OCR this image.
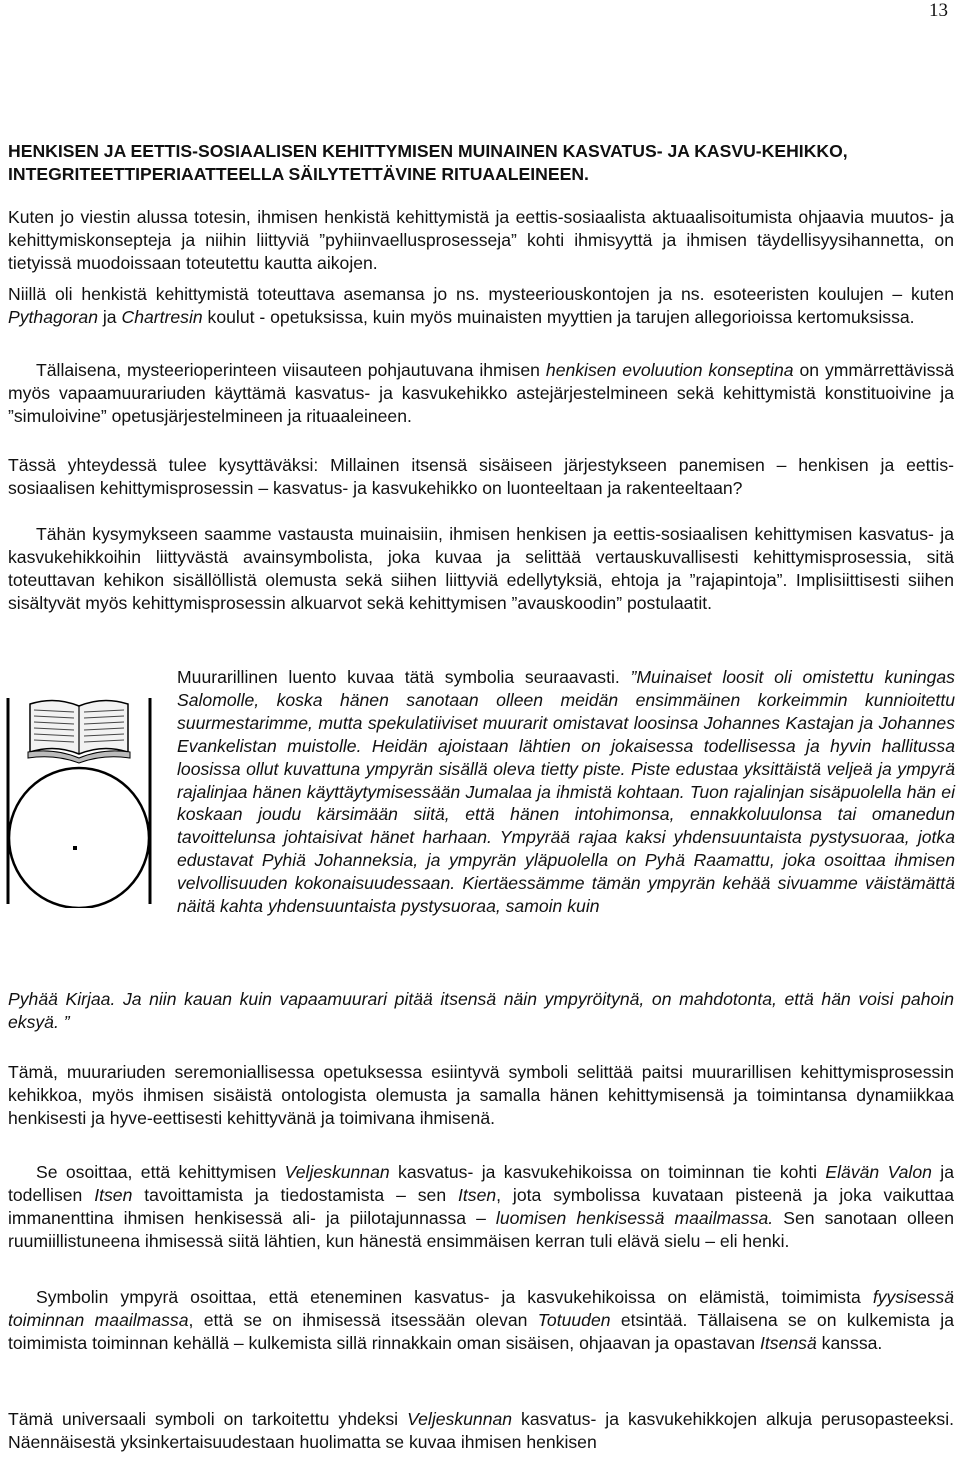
13
HENKISEN JA EETTIS-SOSIAALISEN KEHITTYMISEN MUINAINEN KASVATUS- JA KASVU-KEHIKKO, INTEGRITEETTIPERIAATTEELLA SÄILYTETTÄVINE RITUAALEINEEN.

Kuten jo viestin alussa totesin, ihmisen henkistä kehittymistä ja eettis-sosiaalista aktuaalisoitumista ohjaavia muutos- ja kehittymiskonsepteja ja niihin liittyviä ”pyhiinvaellusprosesseja” kohti ihmisyyttä ja ihmisen täydellisyysihannetta, on tietyissä muodoissaan toteutettu kautta aikojen.

Niillä oli henkistä kehittymistä toteuttava asemansa jo ns. mysteeriouskontojen ja ns. esoteeristen koulujen – kuten Pythagoran ja Chartresin koulut - opetuksissa, kuin myös muinaisten myyttien ja tarujen allegorioissa kertomuksissa.

Tällaisena, mysteerioperinteen viisauteen pohjautuvana ihmisen henkisen evoluution konseptina on ymmärrettävissä myös vapaamuurariuden käyttämä kasvatus- ja kasvukehikko astejärjestelmineen sekä kehittymistä konstituoivine ja ”simuloivine” opetusjärjestelmineen ja rituaaleineen.

Tässä yhteydessä tulee kysyttäväksi: Millainen itsensä sisäiseen järjestykseen panemisen – henkisen ja eettis-sosiaalisen kehittymisprosessin – kasvatus- ja kasvukehikko on luonteeltaan ja rakenteeltaan?

Tähän kysymykseen saamme vastausta muinaisiin, ihmisen henkisen ja eettis-sosiaalisen kehittymisen kasvatus- ja kasvukehikkoihin liittyvästä avainsymbolista, joka kuvaa ja selittää vertauskuvallisesti kehittymisprosessia, sitä toteuttavan kehikon sisällöllistä olemusta sekä siihen liittyviä edellytyksiä, ehtoja ja ”rajapintoja”. Implisiittisesti siihen sisältyvät myös kehittymisprosessin alkuarvot sekä kehittymisen ”avauskoodin” postulaatit.

Muurarillinen luento kuvaa tätä symbolia seuraavasti. ”Muinaiset loosit oli omistettu kuningas Salomolle, koska hänen sanotaan olleen meidän ensimmäinen korkeimmin kunnioitettu suurmestarimme, mutta spekulatiiviset muurarit omistavat loosinsa Johannes Kastajan ja Johannes Evankelistan muistolle. Heidän ajoistaan lähtien on jokaisessa todellisessa ja hyvin hallitussa loosissa ollut kuvattuna ympyrän sisällä oleva tietty piste. Piste edustaa yksittäistä veljeä ja ympyrä rajalinjaa hänen käyttäytymisessään Jumalaa ja ihmistä kohtaan. Tuon rajalinjan sisäpuolella hän ei koskaan joudu kärsimään siitä, että hänen intohimonsa, ennakkoluulonsa tai omanedun tavoittelunsa johtaisivat hänet harhaan. Ympyrää rajaa kaksi yhdensuuntaista pystysuoraa, jotka edustavat Pyhiä Johanneksia, ja ympyrän yläpuolella on Pyhä Raamattu, joka osoittaa ihmisen velvollisuuden kokonaisuudessaan. Kiertäessämme tämän ympyrän kehää sivuamme väistämättä näitä kahta yhdensuuntaista pystysuoraa, samoin kuin

Pyhää Kirjaa. Ja niin kauan kuin vapaamuurari pitää itsensä näin ympyröitynä, on mahdotonta, että hän voisi pahoin eksyä. ”

Tämä, muurariuden seremoniallisessa opetuksessa esiintyvä symboli selittää paitsi muurarillisen kehittymisprosessin kehikkoa, myös ihmisen sisäistä ontologista olemusta ja samalla hänen kehittymisensä ja toimintansa dynamiikkaa henkisesti ja hyve-eettisesti kehittyvänä ja toimivana ihmisenä.

Se osoittaa, että kehittymisen Veljeskunnan kasvatus- ja kasvukehikoissa on toiminnan tie kohti Elävän Valon ja todellisen Itsen tavoittamista ja tiedostamista – sen Itsen, jota symbolissa kuvataan pisteenä ja joka vaikuttaa immanenttina ihmisen henkisessä ali- ja piilotajunnassa – luomisen henkisessä maailmassa. Sen sanotaan olleen ruumiillistuneena ihmisessä siitä lähtien, kun hänestä ensimmäisen kerran tuli elävä sielu – eli henki.

Symbolin ympyrä osoittaa, että eteneminen kasvatus- ja kasvukehikoissa on elämistä, toimimista fyysisessä toiminnan maailmassa, että se on ihmisessä itsessään olevan Totuuden etsintää. Tällaisena se on kulkemista ja toimimista toiminnan kehällä – kulkemista sillä rinnakkain oman sisäisen, ohjaavan ja opastavan Itsensä kanssa.

Tämä universaali symboli on tarkoitettu yhdeksi Veljeskunnan kasvatus- ja kasvukehikkojen alkuja perusopasteeksi. Näennäisestä yksinkertaisuudestaan huolimatta se kuvaa ihmisen henkisen
